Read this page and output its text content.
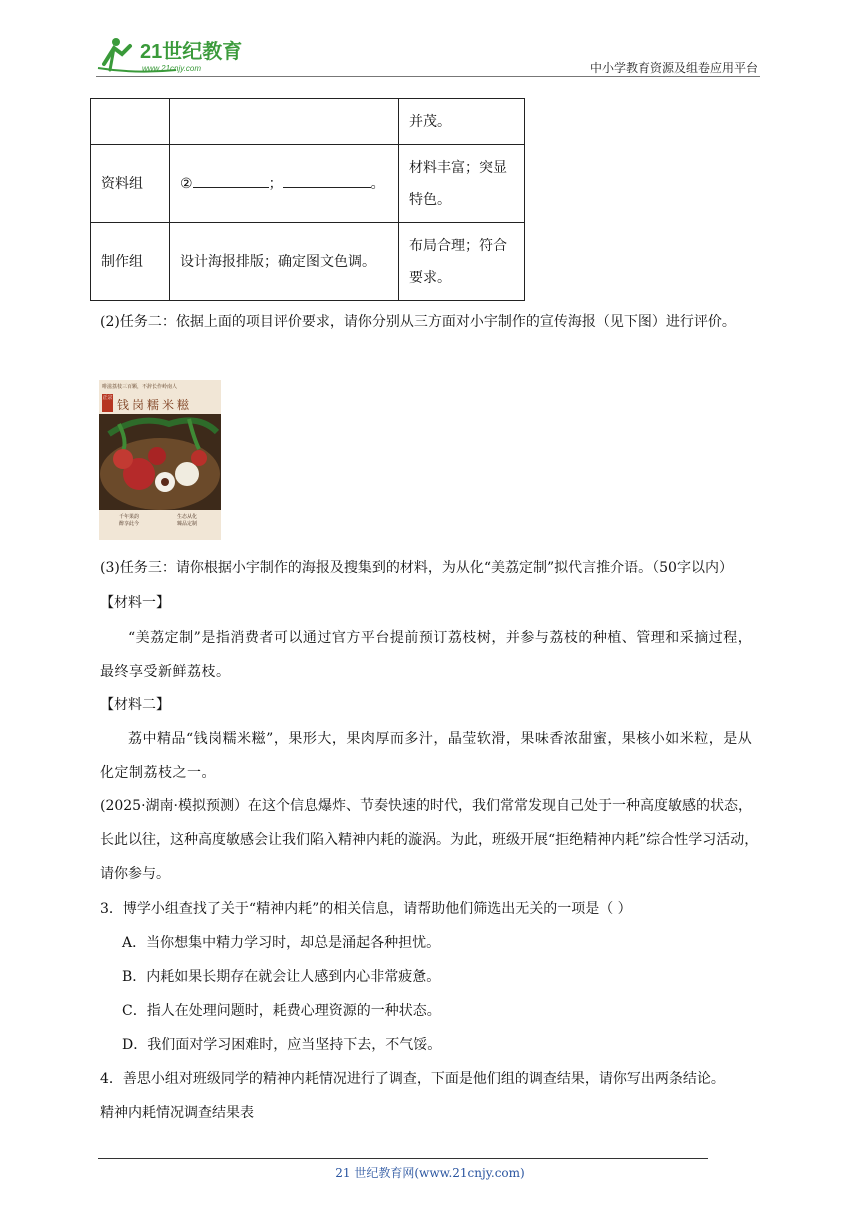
21世纪教育
www.21cnjy.com	中小学教育资源及组卷应用平台
		并茂。
资料组	② ； 。	材料丰富；突显
特色。
制作组	设计海报排版；确定图文色调。	布局合理；符合
要求。

(2)任务二：依据上面的项目评价要求，请你分别从三方面对小宇制作的宣传海报（见下图）进行评价。

啡滋荔枝三百颗，不辞长作岭南人
正宗 钱岗糯米糍
千年果韵
醉享此今
生态从化
臻品定制

(3)任务三：请你根据小宇制作的海报及搜集到的材料，为从化“美荔定制”拟代言推介语。（50字以内）

【材料一】

“美荔定制”是指消费者可以通过官方平台提前预订荔枝树，并参与荔枝的种植、管理和采摘过程，最终享受新鲜荔枝。

【材料二】

荔中精品“钱岗糯米糍”，果形大，果肉厚而多汁，晶莹软滑，果味香浓甜蜜，果核小如米粒，是从化定制荔枝之一。

(2025·湖南·模拟预测）在这个信息爆炸、节奏快速的时代，我们常常发现自己处于一种高度敏感的状态，长此以往，这种高度敏感会让我们陷入精神内耗的漩涡。为此，班级开展“拒绝精神内耗”综合性学习活动，请你参与。

3．博学小组查找了关于“精神内耗”的相关信息，请帮助他们筛选出无关的一项是（ ）

A．当你想集中精力学习时，却总是涌起各种担忧。

B．内耗如果长期存在就会让人感到内心非常疲惫。

C．指人在处理问题时，耗费心理资源的一种状态。

D．我们面对学习困难时，应当坚持下去，不气馁。

4．善思小组对班级同学的精神内耗情况进行了调查，下面是他们组的调查结果，请你写出两条结论。

精神内耗情况调查结果表

21 世纪教育网(www.21cnjy.com)
